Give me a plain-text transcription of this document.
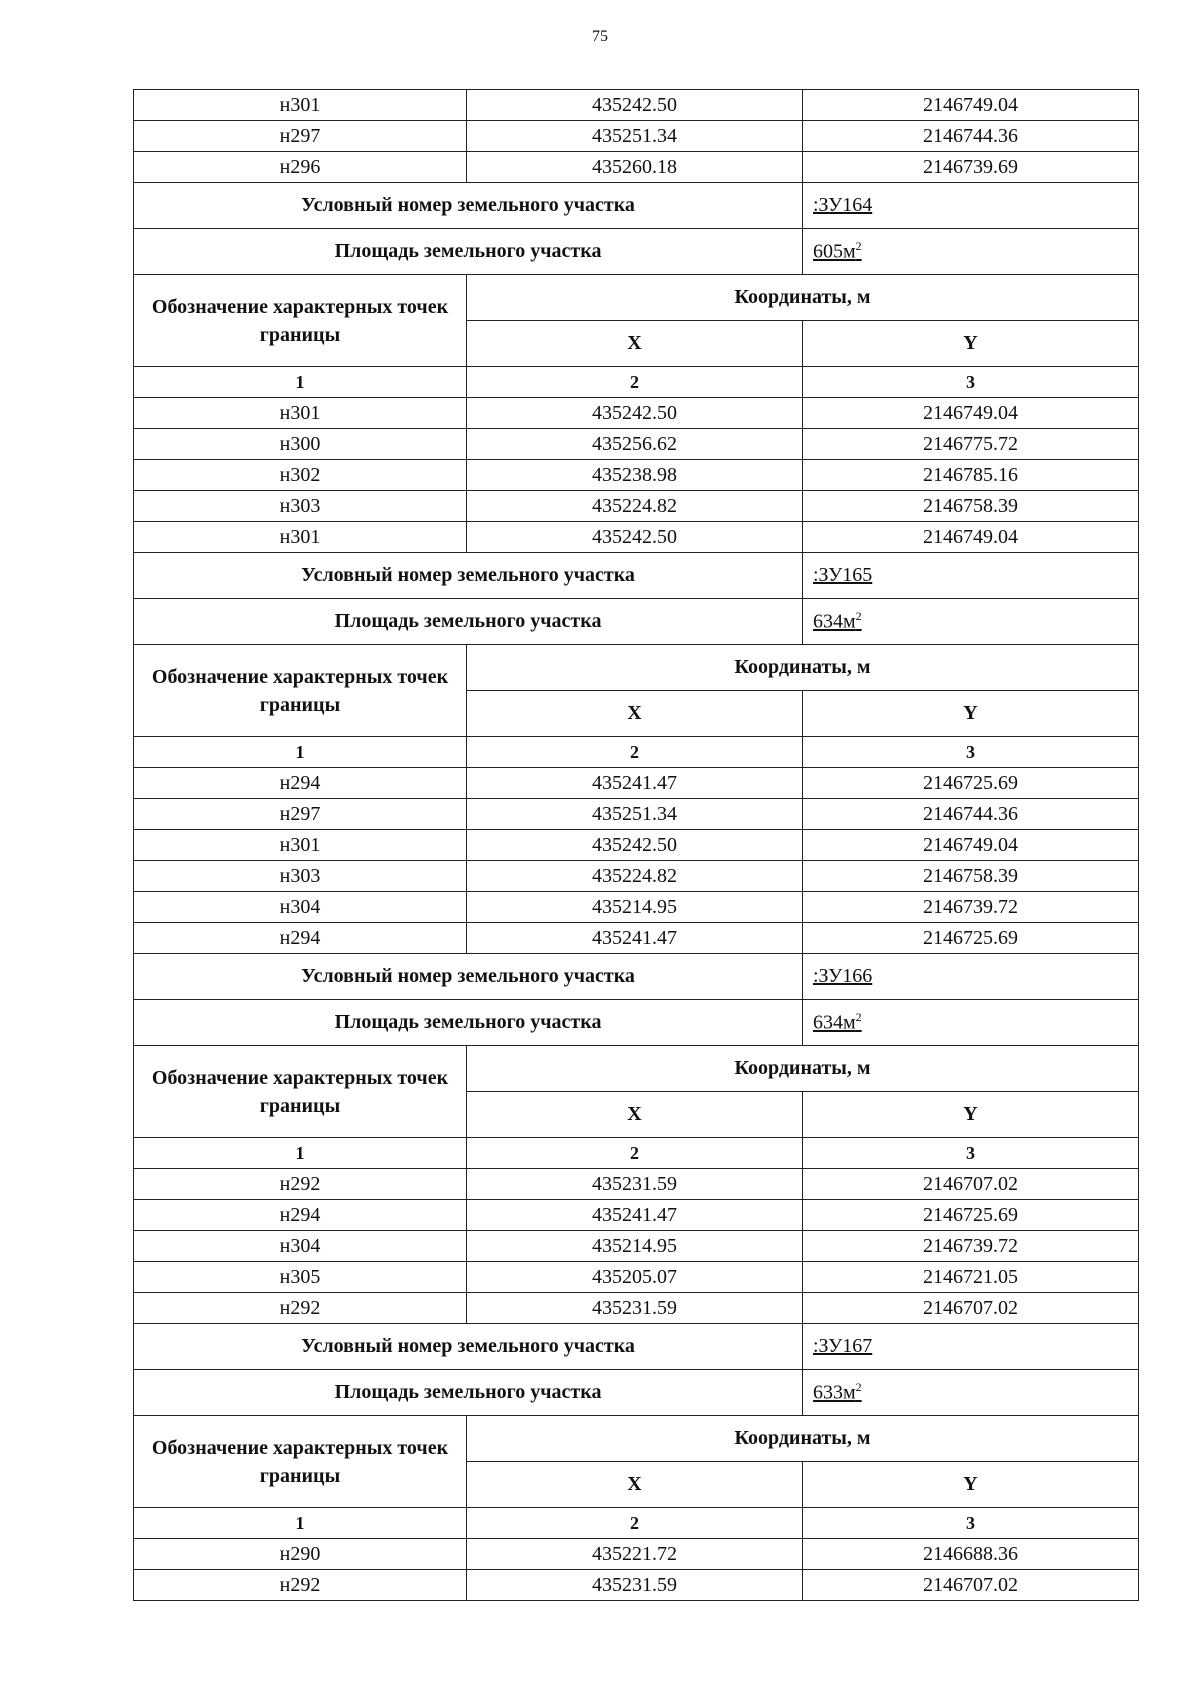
75
н301	435242.50	2146749.04
н297	435251.34	2146744.36
н296	435260.18	2146739.69
Условный номер земельного участка		:ЗУ164
Площадь земельного участка		$605м^2$
Обозначение характерных точек границы	Координаты, м	
	X	Y
1	2	3
н301	435242.50	2146749.04
н300	435256.62	2146775.72
н302	435238.98	2146785.16
н303	435224.82	2146758.39
н301	435242.50	2146749.04
Условный номер земельного участка		:ЗУ165
Площадь земельного участка		$634м^2$
Обозначение характерных точек границы	Координаты, м	
	X	Y
1	2	3
н294	435241.47	2146725.69
н297	435251.34	2146744.36
н301	435242.50	2146749.04
н303	435224.82	2146758.39
н304	435214.95	2146739.72
н294	435241.47	2146725.69
Условный номер земельного участка		:ЗУ166
Площадь земельного участка		$634м^2$
Обозначение характерных точек границы	Координаты, м	
	X	Y
1	2	3
н292	435231.59	2146707.02
н294	435241.47	2146725.69
н304	435214.95	2146739.72
н305	435205.07	2146721.05
н292	435231.59	2146707.02
Условный номер земельного участка		:ЗУ167
Площадь земельного участка		$633м^2$
Обозначение характерных точек границы	Координаты, м	
	X	Y
1	2	3
н290	435221.72	2146688.36
н292	435231.59	2146707.02
